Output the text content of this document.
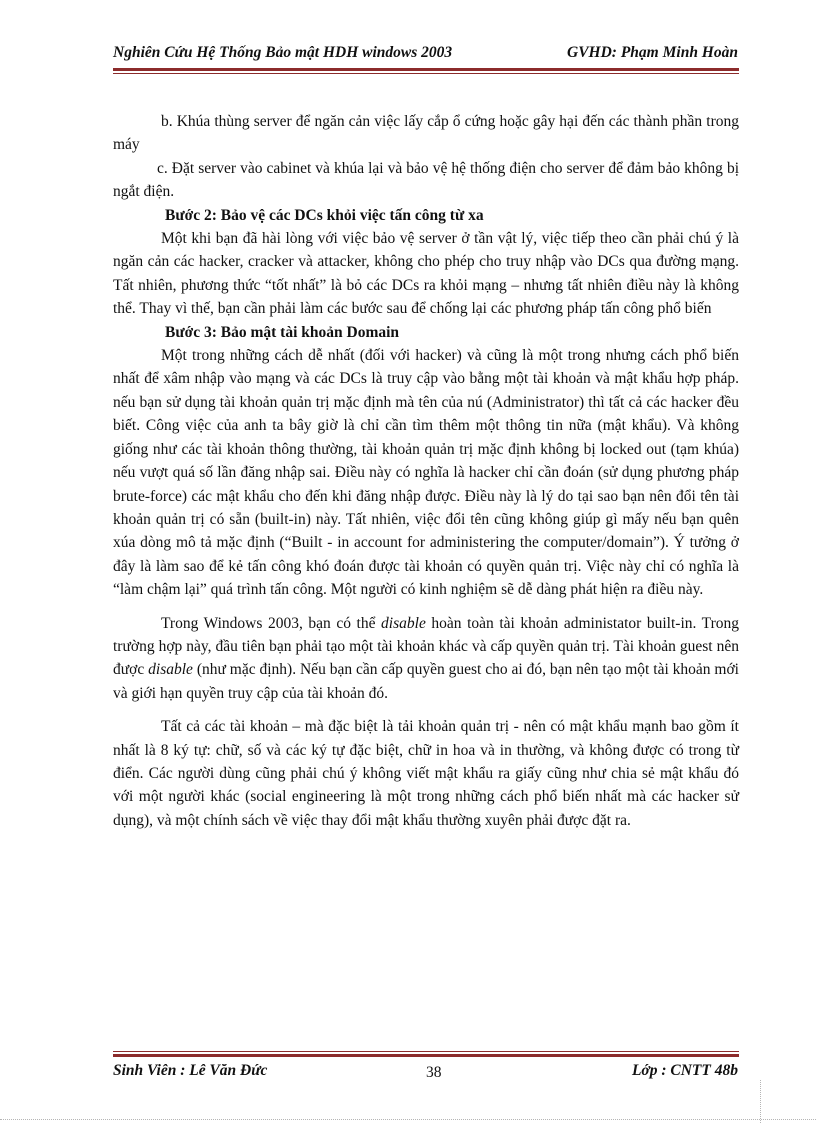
Nghiên Cứu Hệ Thống Bảo mật HDH windows 2003	GVHD: Phạm Minh Hoàn

b. Khúa thùng server để ngăn cản việc lấy cắp ổ cứng hoặc gây hại đến các thành phần trong máy

c. Đặt server vào cabinet và khúa lại và bảo vệ hệ thống điện cho server để đảm bảo không bị ngắt điện.

Bước 2: Bảo vệ các DCs khỏi việc tấn công từ xa

Một khi bạn đã hài lòng với việc bảo vệ server ở tần vật lý, việc tiếp theo cần phải chú ý là ngăn cản các hacker, cracker và attacker, không cho phép cho truy nhập vào DCs qua đường mạng. Tất nhiên, phương thức “tốt nhất” là bỏ các DCs ra khỏi mạng – nhưng tất nhiên điều này là không thể. Thay vì thế, bạn cần phải làm các bước sau để chống lại các phương pháp tấn công phổ biến

Bước 3: Bảo mật tài khoản Domain

Một trong những cách dễ nhất (đối với hacker) và cũng là một trong nhưng cách phổ biến nhất để xâm nhập vào mạng và các DCs là truy cập vào bằng một tài khoản và mật khẩu hợp pháp. nếu bạn sử dụng tài khoản quản trị mặc định mà tên của nú (Administrator) thì tất cả các hacker đều biết. Công việc của anh ta bây giờ là chỉ cần tìm thêm một thông tin nữa (mật khẩu). Và không giống như các tài khoản thông thường, tài khoản quản trị mặc định không bị locked out (tạm khúa) nếu vượt quá số lần đăng nhập sai. Điều này có nghĩa là hacker chỉ cần đoán (sử dụng phương pháp brute-force) các mật khẩu cho đến khi đăng nhập được. Điều này là lý do tại sao bạn nên đổi tên tài khoản quản trị có sẵn (built-in) này. Tất nhiên, việc đổi tên cũng không giúp gì mấy nếu bạn quên xúa dòng mô tả mặc định (“Built - in account for administering the computer/domain”). Ý tưởng ở đây là làm sao để kẻ tấn công khó đoán được tài khoản có quyền quản trị. Việc này chỉ có nghĩa là “làm chậm lại” quá trình tấn công. Một người có kinh nghiệm sẽ dễ dàng phát hiện ra điều này.

Trong Windows 2003, bạn có thể disable hoàn toàn tài khoản administator built-in. Trong trường hợp này, đầu tiên bạn phải tạo một tài khoản khác và cấp quyền quản trị. Tài khoản guest nên được disable (như mặc định). Nếu bạn cần cấp quyền guest cho ai đó, bạn nên tạo một tài khoản mới và giới hạn quyền truy cập của tài khoản đó.

Tất cả các tài khoản – mà đặc biệt là tải khoản quản trị - nên có mật khẩu mạnh bao gồm ít nhất là 8 ký tự: chữ, số và các ký tự đặc biệt, chữ in hoa và in thường, và không được có trong từ điển. Các người dùng cũng phải chú ý không viết mật khẩu ra giấy cũng như chia sẻ mật khẩu đó với một người khác (social engineering là một trong những cách phổ biến nhất mà các hacker sử dụng), và một chính sách về việc thay đổi mật khẩu thường xuyên phải được đặt ra.

Sinh Viên : Lê Văn Đức	38	Lớp : CNTT 48b
